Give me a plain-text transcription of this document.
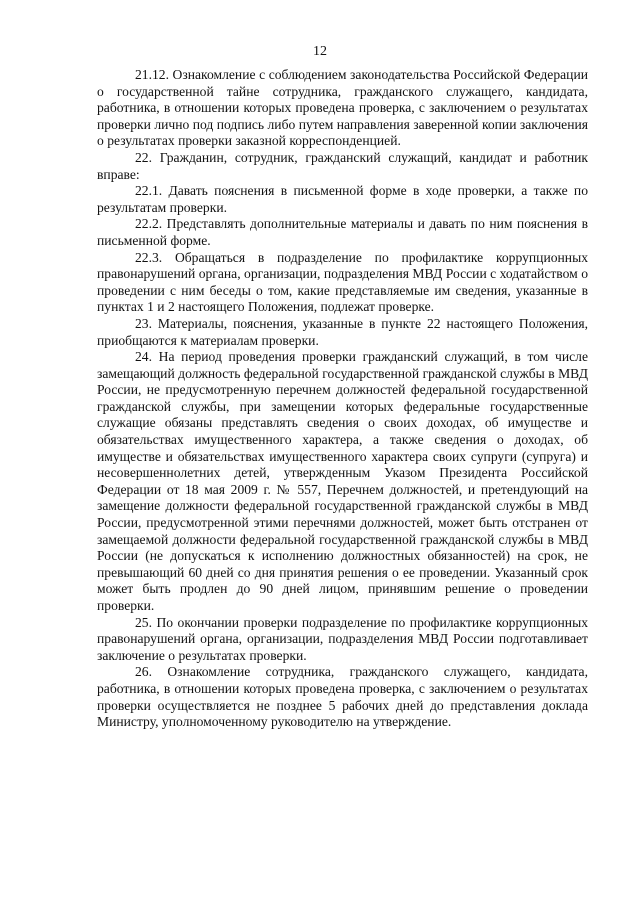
12

21.12. Ознакомление с соблюдением законодательства Российской Федерации о государственной тайне сотрудника, гражданского служащего, кандидата, работника, в отношении которых проведена проверка, с заключением о результатах проверки лично под подпись либо путем направления заверенной копии заключения о результатах проверки заказной корреспонденцией.

22. Гражданин, сотрудник, гражданский служащий, кандидат и работник вправе:

22.1. Давать пояснения в письменной форме в ходе проверки, а также по результатам проверки.

22.2. Представлять дополнительные материалы и давать по ним пояснения в письменной форме.

22.3. Обращаться в подразделение по профилактике коррупционных правонарушений органа, организации, подразделения МВД России с ходатайством о проведении с ним беседы о том, какие представляемые им сведения, указанные в пунктах 1 и 2 настоящего Положения, подлежат проверке.

23. Материалы, пояснения, указанные в пункте 22 настоящего Положения, приобщаются к материалам проверки.

24. На период проведения проверки гражданский служащий, в том числе замещающий должность федеральной государственной гражданской службы в МВД России, не предусмотренную перечнем должностей федеральной государственной гражданской службы, при замещении которых федеральные государственные служащие обязаны представлять сведения о своих доходах, об имуществе и обязательствах имущественного характера, а также сведения о доходах, об имуществе и обязательствах имущественного характера своих супруги (супруга) и несовершеннолетних детей, утвержденным Указом Президента Российской Федерации от 18 мая 2009 г. № 557, Перечнем должностей, и претендующий на замещение должности федеральной государственной гражданской службы в МВД России, предусмотренной этими перечнями должностей, может быть отстранен от замещаемой должности федеральной государственной гражданской службы в МВД России (не допускаться к исполнению должностных обязанностей) на срок, не превышающий 60 дней со дня принятия решения о ее проведении. Указанный срок может быть продлен до 90 дней лицом, принявшим решение о проведении проверки.

25. По окончании проверки подразделение по профилактике коррупционных правонарушений органа, организации, подразделения МВД России подготавливает заключение о результатах проверки.

26. Ознакомление сотрудника, гражданского служащего, кандидата, работника, в отношении которых проведена проверка, с заключением о результатах проверки осуществляется не позднее 5 рабочих дней до представления доклада Министру, уполномоченному руководителю на утверждение.
